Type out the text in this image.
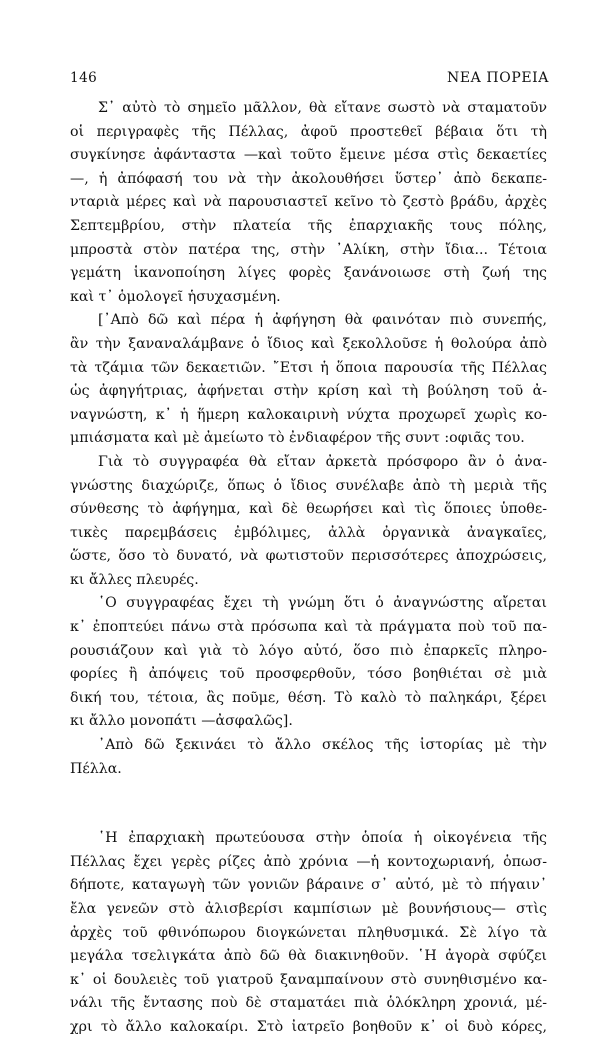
146	ΝΕΑ ΠΟΡΕΙΑ
Σ᾽ αὐτὸ τὸ σημεῖο μᾶλλον, θὰ εἴτανε σωστὸ νὰ σταματοῦν
οἱ περιγραφὲς τῆς Πέλλας, ἀφοῦ προστεθεῖ βέβαια ὅτι τὴ
συγκίνησε ἀφάνταστα —καὶ τοῦτο ἔμεινε μέσα στὶς δεκαετίες
—, ἡ ἀπόφασή του νὰ τὴν ἀκολουθήσει ὕστερ᾽ ἀπὸ δεκαπε-
νταριὰ μέρες καὶ νὰ παρουσιαστεῖ κεῖνο τὸ ζεστὸ βράδυ, ἀρχὲς
Σεπτεμβρίου, στὴν πλατεία τῆς ἐπαρχιακῆς τους πόλης,
μπροστὰ στὸν πατέρα της, στὴν ᾽Αλίκη, στὴν ἴδια... Τέτοια
γεμάτη ἱκανοποίηση λίγες φορὲς ξανάνοιωσε στὴ ζωή της
καὶ τ᾽ ὁμολογεῖ ἡσυχασμένη.
[᾽Απὸ δῶ καὶ πέρα ἡ ἀφήγηση θὰ φαινόταν πιὸ συνεπής,
ἂν τὴν ξαναναλάμβανε ὁ ἴδιος καὶ ξεκολλοῦσε ἡ θολούρα ἀπὸ
τὰ τζάμια τῶν δεκαετιῶν. ῎Ετσι ἡ ὅποια παρουσία τῆς Πέλλας
ὡς ἀφηγήτριας, ἀφήνεται στὴν κρίση καὶ τὴ βούληση τοῦ ἀ-
ναγνώστη, κ᾽ ἡ ἥμερη καλοκαιρινὴ νύχτα προχωρεῖ χωρὶς κο-
μπιάσματα καὶ μὲ ἀμείωτο τὸ ἐνδιαφέρον τῆς συντ :οφιᾶς του.
Γιὰ τὸ συγγραφέα θὰ εἴταν ἀρκετὰ πρόσφορο ἂν ὁ ἀνα-
γνώστης διαχώριζε, ὅπως ὁ ἴδιος συνέλαβε ἀπὸ τὴ μεριὰ τῆς
σύνθεσης τὸ ἀφήγημα, καὶ δὲ θεωρήσει καὶ τὶς ὅποιες ὑποθε-
τικὲς παρεμβάσεις ἐμβόλιμες, ἀλλὰ ὀργανικὰ ἀναγκαῖες,
ὥστε, ὅσο τὸ δυνατό, νὰ φωτιστοῦν περισσότερες ἀποχρώσεις,
κι ἄλλες πλευρές.
῾Ο συγγραφέας ἔχει τὴ γνώμη ὅτι ὁ ἀναγνώστης αἴρεται
κ᾽ ἐποπτεύει πάνω στὰ πρόσωπα καὶ τὰ πράγματα ποὺ τοῦ πα-
ρουσιάζουν καὶ γιὰ τὸ λόγο αὐτό, ὅσο πιὸ ἐπαρκεῖς πληρο-
φορίες ἢ ἀπόψεις τοῦ προσφερθοῦν, τόσο βοηθιέται σὲ μιὰ
δική του, τέτοια, ἂς ποῦμε, θέση. Τὸ καλὸ τὸ παληκάρι, ξέρει
κι ἄλλο μονοπάτι —ἀσφαλῶς].
᾽Απὸ δῶ ξεκινάει τὸ ἄλλο σκέλος τῆς ἱστορίας μὲ τὴν
Πέλλα.
῾Η ἐπαρχιακὴ πρωτεύουσα στὴν ὁποία ἡ οἰκογένεια τῆς
Πέλλας ἔχει γερὲς ρίζες ἀπὸ χρόνια —ἡ κοντοχωριανή, ὁπωσ-
δήποτε, καταγωγὴ τῶν γονιῶν βάραινε σ᾽ αὐτό, μὲ τὸ πήγαιν᾽
ἔλα γενεῶν στὸ ἀλισβερίσι καμπίσιων μὲ βουνήσιους— στὶς
ἀρχὲς τοῦ φθινόπωρου διογκώνεται πληθυσμικά. Σὲ λίγο τὰ
μεγάλα τσελιγκάτα ἀπὸ δῶ θὰ διακινηθοῦν. ῾Η ἀγορὰ σφύζει
κ᾽ οἱ δουλειὲς τοῦ γιατροῦ ξαναμπαίνουν στὸ συνηθισμένο κα-
νάλι τῆς ἔντασης ποὺ δὲ σταματάει πιὰ ὁλόκληρη χρονιά, μέ-
χρι τὸ ἄλλο καλοκαίρι. Στὸ ἰατρεῖο βοηθοῦν κ᾽ οἱ δυὸ κόρες,
